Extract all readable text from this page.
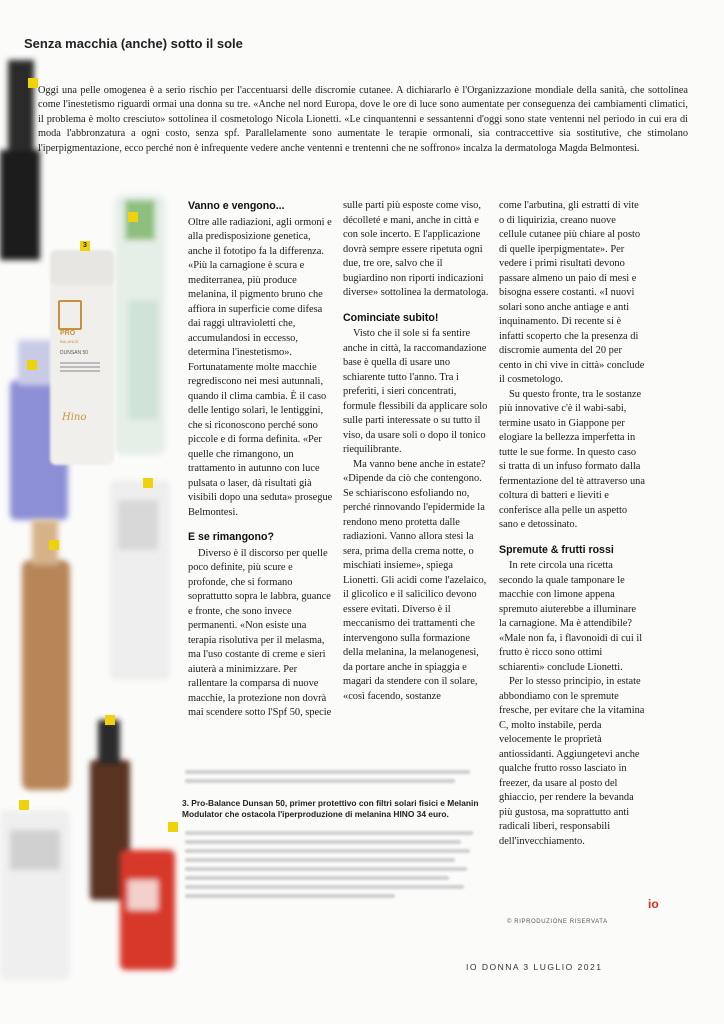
PRO
BALANCE
DUNSAN 50
Hino
3
Senza macchia (anche) sotto il sole
Oggi una pelle omogenea è a serio rischio per l'accentuarsi delle discromie cutanee. A dichiararlo è l'Organizzazione mondiale della sanità, che sottolinea come l'inestetismo riguardi ormai una donna su tre. «Anche nel nord Europa, dove le ore di luce sono aumentate per conseguenza dei cambiamenti climatici, il problema è molto cresciuto» sottolinea il cosmetologo Nicola Lionetti. «Le cinquantenni e sessantenni d'oggi sono state ventenni nel periodo in cui era di moda l'abbronzatura a ogni costo, senza spf. Parallelamente sono aumentate le terapie ormonali, sia contraccettive sia sostitutive, che stimolano l'iperpigmentazione, ecco perché non è infrequente vedere anche ventenni e trentenni che ne soffrono» incalza la dermatologa Magda Belmontesi.
Vanno e vengono...

Oltre alle radiazioni, agli ormoni e alla predisposizione genetica, anche il fototipo fa la differenza. «Più la carnagione è scura e mediterranea, più produce melanina, il pigmento bruno che affiora in superficie come difesa dai raggi ultravioletti che, accumulandosi in eccesso, determina l'inestetismo». Fortunatamente molte macchie regrediscono nei mesi autunnali, quando il clima cambia. È il caso delle lentigo solari, le lentiggini, che si riconoscono perché sono piccole e di forma definita. «Per quelle che rimangono, un trattamento in autunno con luce pulsata o laser, dà risultati già visibili dopo una seduta» prosegue Belmontesi.

E se rimangono?

Diverso è il discorso per quelle poco definite, più scure e profonde, che si formano soprattutto sopra le labbra, guance e fronte, che sono invece permanenti. «Non esiste una terapia risolutiva per il melasma, ma l'uso costante di creme e sieri aiuterà a minimizzare. Per rallentare la comparsa di nuove macchie, la protezione non dovrà mai scendere sotto l'Spf 50, specie

sulle parti più esposte come viso, décolleté e mani, anche in città e con sole incerto. E l'applicazione dovrà sempre essere ripetuta ogni due, tre ore, salvo che il bugiardino non riporti indicazioni diverse» sottolinea la dermatologa.

Cominciate subito!

Visto che il sole si fa sentire anche in città, la raccomandazione base è quella di usare uno schiarente tutto l'anno. Tra i preferiti, i sieri concentrati, formule flessibili da applicare solo sulle parti interessate o su tutto il viso, da usare soli o dopo il tonico riequilibrante.

Ma vanno bene anche in estate? «Dipende da ciò che contengono. Se schiariscono esfoliando no, perché rinnovando l'epidermide la rendono meno protetta dalle radiazioni. Vanno allora stesi la sera, prima della crema notte, o mischiati insieme», spiega Lionetti. Gli acidi come l'azelaico, il glicolico e il salicilico devono essere evitati. Diverso è il meccanismo dei trattamenti che intervengono sulla formazione della melanina, la melanogenesi, da portare anche in spiaggia e magari da stendere con il solare, «così facendo, sostanze

come l'arbutina, gli estratti di vite o di liquirizia, creano nuove cellule cutanee più chiare al posto di quelle iperpigmentate». Per vedere i primi risultati devono passare almeno un paio di mesi e bisogna essere costanti. «I nuovi solari sono anche antiage e anti inquinamento. Di recente si è infatti scoperto che la presenza di discromie aumenta del 20 per cento in chi vive in città» conclude il cosmetologo.

Su questo fronte, tra le sostanze più innovative c'è il wabi-sabi, termine usato in Giappone per elogiare la bellezza imperfetta in tutte le sue forme. In questo caso si tratta di un infuso formato dalla fermentazione del tè attraverso una coltura di batteri e lieviti e conferisce alla pelle un aspetto sano e detossinato.

Spremute & frutti rossi

In rete circola una ricetta secondo la quale tamponare le macchie con limone appena spremuto aiuterebbe a illuminare la carnagione. Ma è attendibile? «Male non fa, i flavonoidi di cui il frutto è ricco sono ottimi schiarenti» conclude Lionetti.

Per lo stesso principio, in estate abbondiamo con le spremute fresche, per evitare che la vitamina C, molto instabile, perda velocemente le proprietà antiossidanti. Aggiungetevi anche qualche frutto rosso lasciato in freezer, da usare al posto del ghiaccio, per rendere la bevanda più gustosa, ma soprattutto anti radicali liberi, responsabili dell'invecchiamento.

3. Pro-Balance Dunsan 50, primer protettivo con filtri solari fisici e Melanin Modulator che ostacola l'iperproduzione di melanina HINO 34 euro.
io
© RIPRODUZIONE RISERVATA
IO DONNA 3 LUGLIO 2021
